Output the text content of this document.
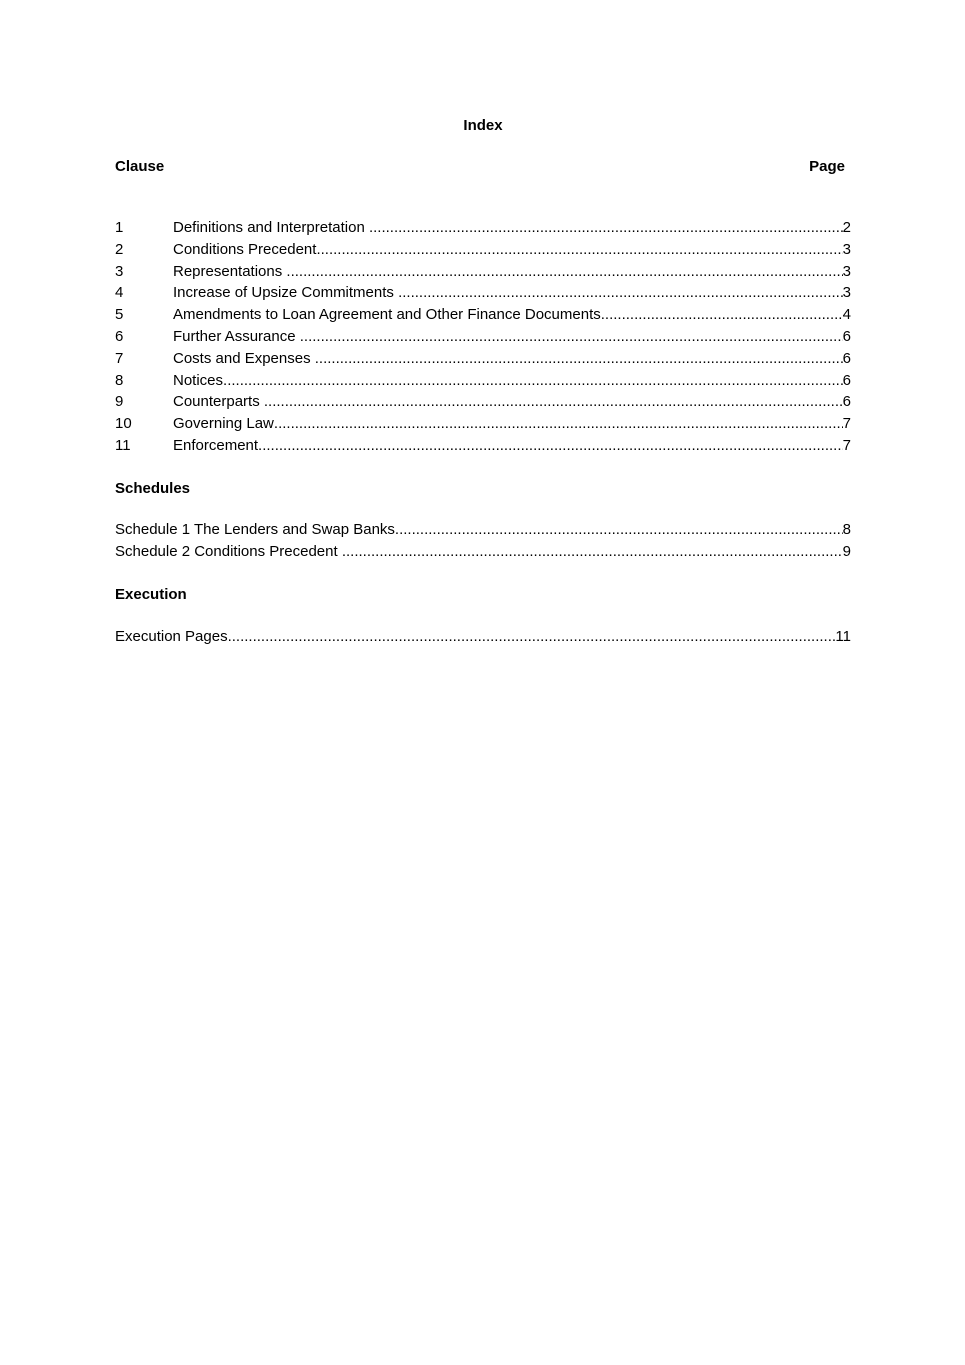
Index
Clause	Page
1	Definitions and Interpretation .....	2
2	Conditions Precedent .....	3
3	Representations .....	3
4	Increase of Upsize Commitments .....	3
5	Amendments to Loan Agreement and Other Finance Documents .....	4
6	Further Assurance .....	6
7	Costs and Expenses .....	6
8	Notices .....	6
9	Counterparts .....	6
10	Governing Law .....	7
11	Enforcement .....	7
Schedules
Schedule 1 The Lenders and Swap Banks .....	8
Schedule 2 Conditions Precedent .....	9
Execution
Execution Pages .....	11
